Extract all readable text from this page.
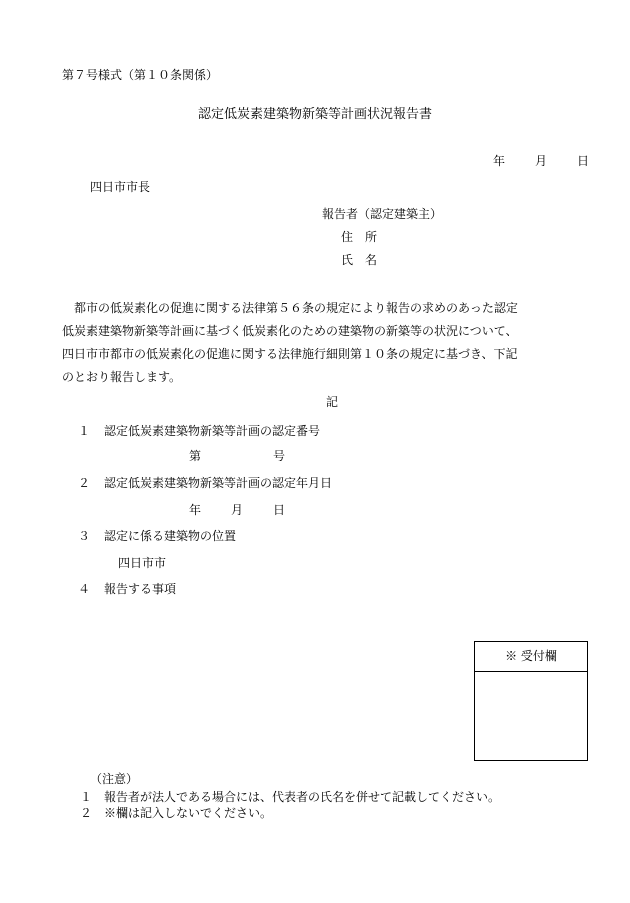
第７号様式（第１０条関係）
認定低炭素建築物新築等計画状況報告書
年	月	日
四日市市長
報告者（認定建築主）
住　所
氏　名

　都市の低炭素化の促進に関する法律第５６条の規定により報告の求めのあった認定

低炭素建築物新築等計画に基づく低炭素化のための建築物の新築等の状況について、

四日市市都市の低炭素化の促進に関する法律施行細則第１０条の規定に基づき、下記

のとおり報告します。

記
１ 認定低炭素建築物新築等計画の認定番号
第	号
２ 認定低炭素建築物新築等計画の認定年月日
年 月 日
３ 認定に係る建築物の位置
四日市市
４ 報告する事項
※ 受付欄
（注意）
１ 報告者が法人である場合には、代表者の氏名を併せて記載してください。
２ ※欄は記入しないでください。
